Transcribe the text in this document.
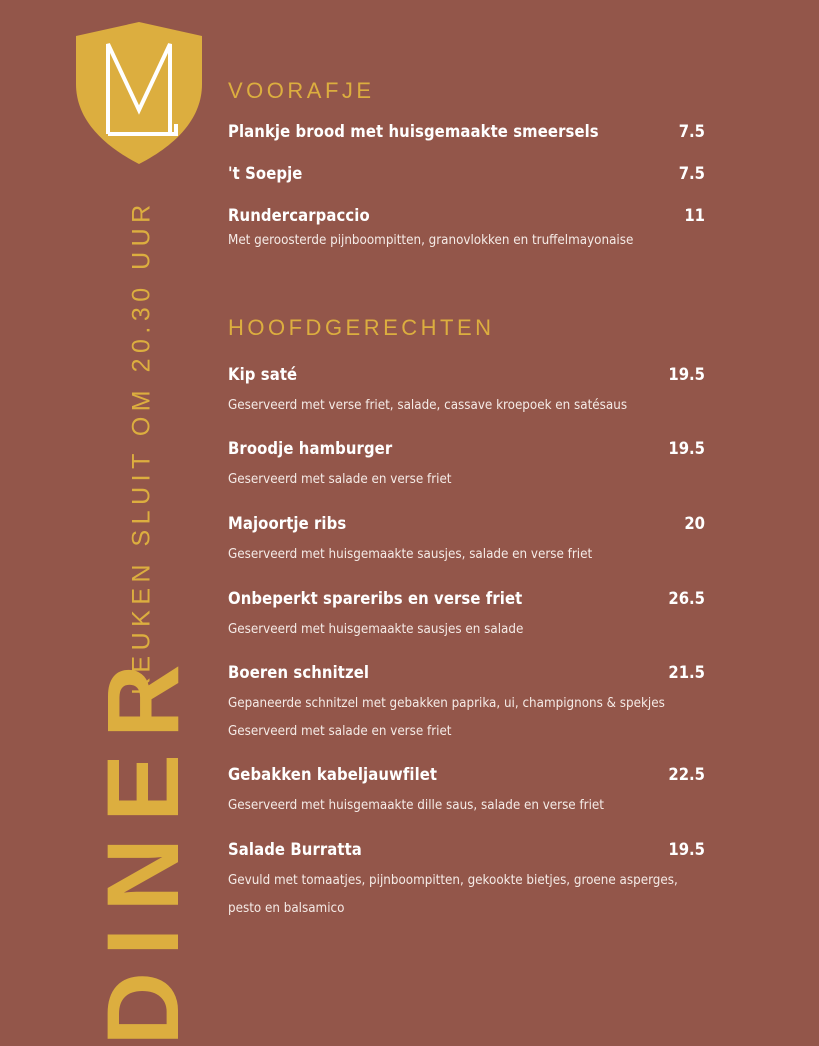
KEUKEN SLUIT OM 20.30 UUR
DINER
VOORAFJE
Plankje brood met huisgemaakte smeersels	7.5
't Soepje	7.5
Rundercarpaccio	11
Met geroosterde pijnboompitten, granovlokken en truffelmayonaise
HOOFDGERECHTEN
Kip saté	19.5
Geserveerd met verse friet, salade, cassave kroepoek en satésaus
Broodje hamburger	19.5
Geserveerd met salade en verse friet
Majoortje ribs	20
Geserveerd met huisgemaakte sausjes, salade en verse friet
Onbeperkt spareribs en verse friet	26.5
Geserveerd met huisgemaakte sausjes en salade
Boeren schnitzel	21.5
Gepaneerde schnitzel met gebakken paprika, ui, champignons & spekjes
Geserveerd met salade en verse friet
Gebakken kabeljauwfilet	22.5
Geserveerd met huisgemaakte dille saus, salade en verse friet
Salade Burratta	19.5
Gevuld met tomaatjes, pijnboompitten, gekookte bietjes, groene asperges,
pesto en balsamico
